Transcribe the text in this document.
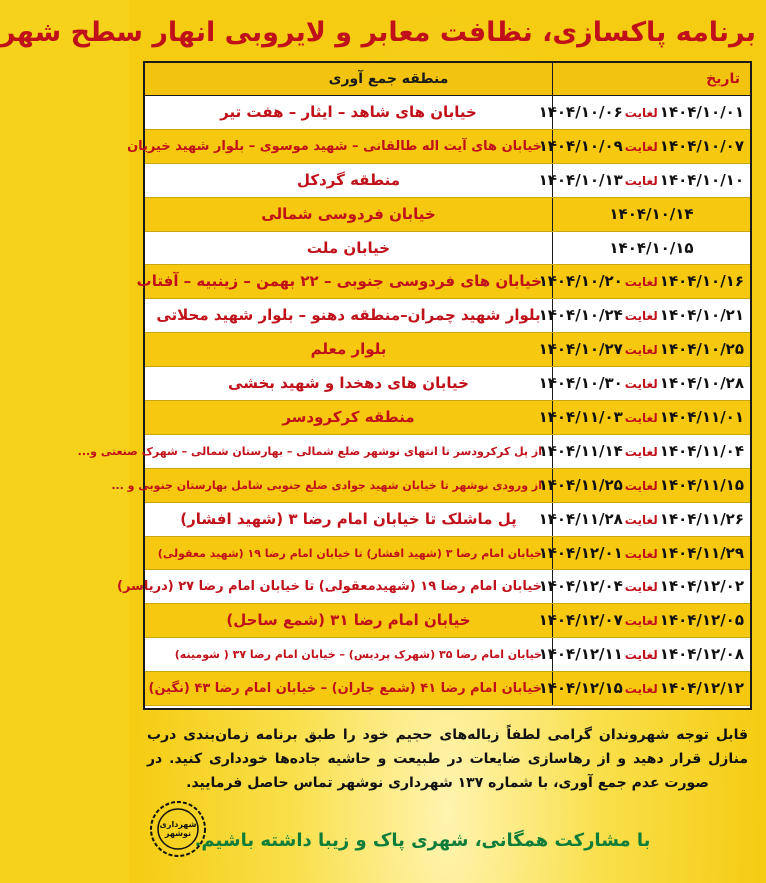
برنامه پاکسازی، نظافت معابر و لایروبی انهار سطح شهر
تاریخ
منطقه جمع آوری
۱۴۰۴/۱۰/۰۱لغایت۱۴۰۴/۱۰/۰۶
خیابان های شاهد – ایثار – هفت تیر
۱۴۰۴/۱۰/۰۷لغایت۱۴۰۴/۱۰/۰۹
خیابان های آیت اله طالقانی – شهید موسوی – بلوار شهید خیریان
۱۴۰۴/۱۰/۱۰لغایت۱۴۰۴/۱۰/۱۳
منطقه گردکل
۱۴۰۴/۱۰/۱۴
خیابان فردوسی شمالی
۱۴۰۴/۱۰/۱۵
خیابان ملت
۱۴۰۴/۱۰/۱۶لغایت۱۴۰۴/۱۰/۲۰
خیابان های فردوسی جنوبی – ۲۲ بهمن – زینبیه – آفتاب
۱۴۰۴/۱۰/۲۱لغایت۱۴۰۴/۱۰/۲۴
بلوار شهید چمران–منطقه دهنو – بلوار شهید محلاتی
۱۴۰۴/۱۰/۲۵لغایت۱۴۰۴/۱۰/۲۷
بلوار معلم
۱۴۰۴/۱۰/۲۸لغایت۱۴۰۴/۱۰/۳۰
خیابان های دهخدا و شهید بخشی
۱۴۰۴/۱۱/۰۱لغایت۱۴۰۴/۱۱/۰۳
منطقه کرکرودسر
۱۴۰۴/۱۱/۰۴لغایت۱۴۰۴/۱۱/۱۴
از پل کرکرودسر تا انتهای نوشهر ضلع شمالی – بهارستان شمالی – شهرک صنعتی و...
۱۴۰۴/۱۱/۱۵لغایت۱۴۰۴/۱۱/۲۵
از ورودی نوشهر تا خیابان شهید جوادی ضلع جنوبی شامل بهارستان جنوبی و ...
۱۴۰۴/۱۱/۲۶لغایت۱۴۰۴/۱۱/۲۸
پل ماشلک تا خیابان امام رضا ۳ (شهید افشار)
۱۴۰۴/۱۱/۲۹لغایت۱۴۰۴/۱۲/۰۱
خیابان امام رضا ۳ (شهید افشار) تا خیابان امام رضا ۱۹ (شهید معقولی)
۱۴۰۴/۱۲/۰۲لغایت۱۴۰۴/۱۲/۰۴
خیابان امام رضا ۱۹ (شهیدمعقولی) تا خیابان امام رضا ۲۷ (دریاسر)
۱۴۰۴/۱۲/۰۵لغایت۱۴۰۴/۱۲/۰۷
خیابان امام رضا ۳۱ (شمع ساحل)
۱۴۰۴/۱۲/۰۸لغایت۱۴۰۴/۱۲/۱۱
خیابان امام رضا ۳۵ (شهرک پردیس) – خیابان امام رضا ۳۷ ( شومینه)
۱۴۰۴/۱۲/۱۲لغایت۱۴۰۴/۱۲/۱۵
خیابان امام رضا ۴۱ (شمع جاران) – خیابان امام رضا ۴۳ (نگین)
قابل توجه شهروندان گرامی لطفاً زباله‌های حجیم خود را طبق برنامه زمان‌بندی درب منازل قرار دهید و از رهاسازی ضایعات در طبیعت و حاشیه جاده‌ها خودداری کنید. در صورت عدم جمع آوری، با شماره ۱۳۷ شهرداری نوشهر تماس حاصل فرمایید.
با مشارکت همگانی، شهری پاک و زیبا داشته باشیم.
شهرداری نوشهر
